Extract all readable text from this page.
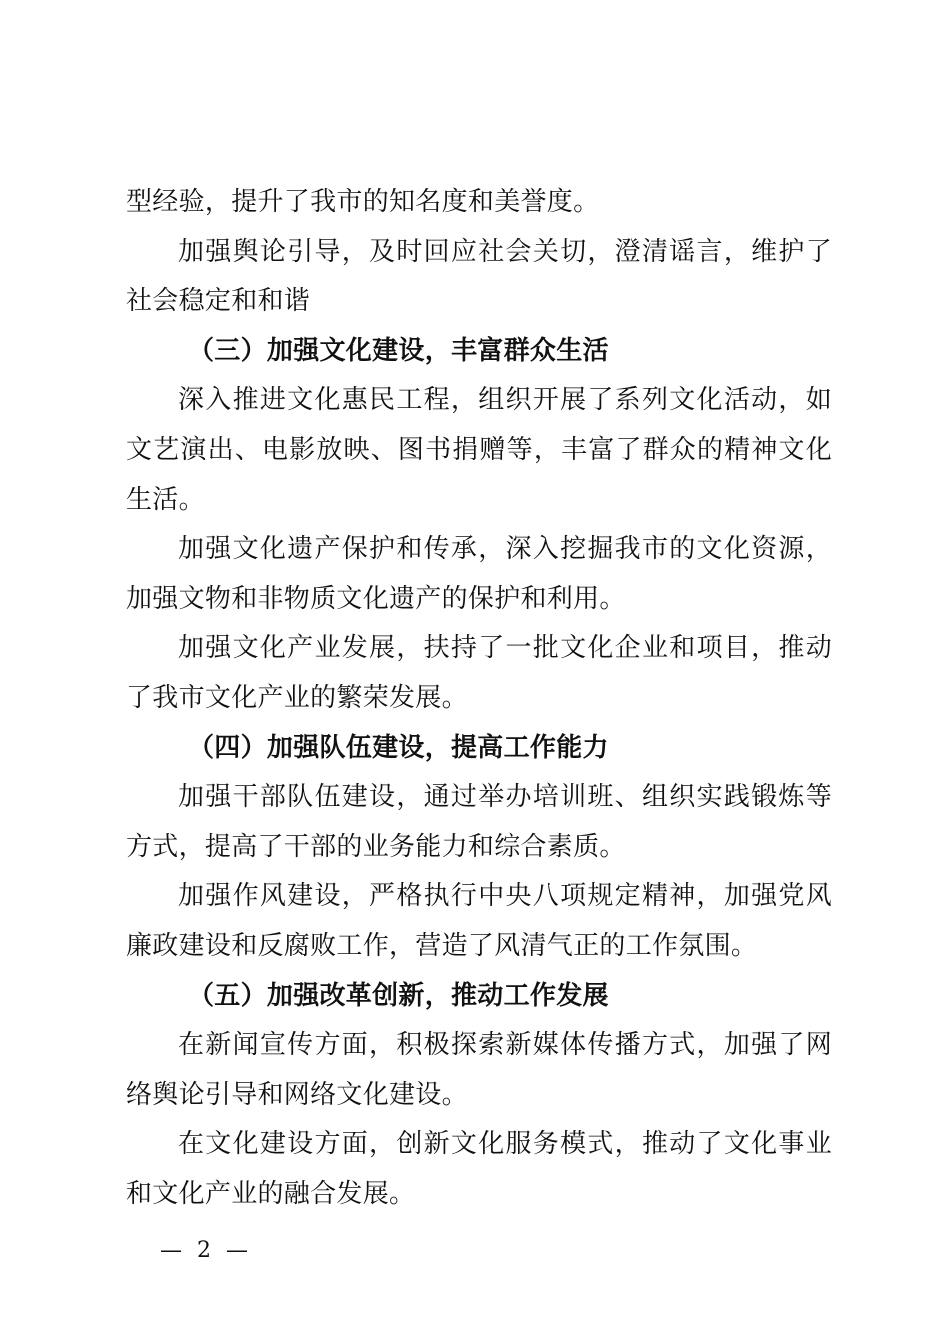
型经验，提升了我市的知名度和美誉度。

加强舆论引导，及时回应社会关切，澄清谣言，维护了社会稳定和和谐

（三）加强文化建设，丰富群众生活

深入推进文化惠民工程，组织开展了系列文化活动，如文艺演出、电影放映、图书捐赠等，丰富了群众的精神文化生活。

加强文化遗产保护和传承，深入挖掘我市的文化资源，加强文物和非物质文化遗产的保护和利用。

加强文化产业发展，扶持了一批文化企业和项目，推动了我市文化产业的繁荣发展。

（四）加强队伍建设，提高工作能力

加强干部队伍建设，通过举办培训班、组织实践锻炼等方式，提高了干部的业务能力和综合素质。

加强作风建设，严格执行中央八项规定精神，加强党风廉政建设和反腐败工作，营造了风清气正的工作氛围。

（五）加强改革创新，推动工作发展

在新闻宣传方面，积极探索新媒体传播方式，加强了网络舆论引导和网络文化建设。

在文化建设方面，创新文化服务模式，推动了文化事业和文化产业的融合发展。

— 2 —
